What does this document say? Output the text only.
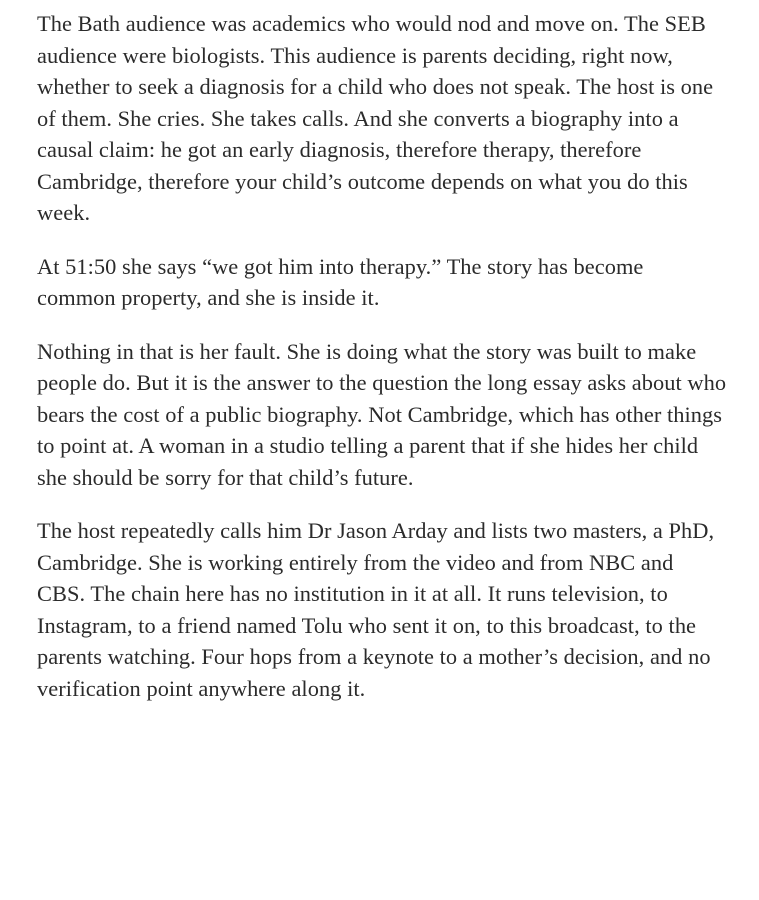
The Bath audience was academics who would nod and move on. The SEB audience were biologists. This audience is parents deciding, right now, whether to seek a diagnosis for a child who does not speak. The host is one of them. She cries. She takes calls. And she converts a biography into a causal claim: he got an early diagnosis, therefore therapy, therefore Cambridge, therefore your child’s outcome depends on what you do this week.

At 51:50 she says “we got him into therapy.” The story has become common property, and she is inside it.

Nothing in that is her fault. She is doing what the story was built to make people do. But it is the answer to the question the long essay asks about who bears the cost of a public biography. Not Cambridge, which has other things to point at. A woman in a studio telling a parent that if she hides her child she should be sorry for that child’s future.

The host repeatedly calls him Dr Jason Arday and lists two masters, a PhD, Cambridge. She is working entirely from the video and from NBC and CBS. The chain here has no institution in it at all. It runs television, to Instagram, to a friend named Tolu who sent it on, to this broadcast, to the parents watching. Four hops from a keynote to a mother’s decision, and no verification point anywhere along it.
